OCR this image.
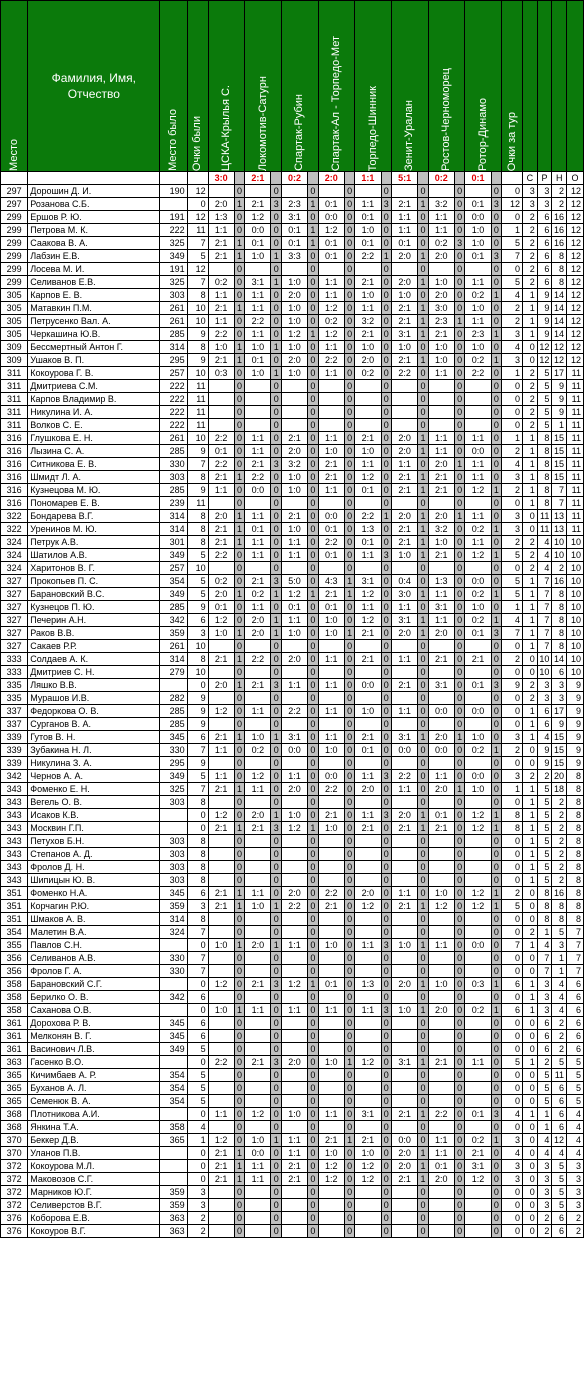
Место	Фамилия, Имя, Отчество	Место было	Очки были	ЦСКА-Крылья С.		Локомотив-Сатурн		Спартак-Рубин		Спартак-Ал - Торпедо-Мет		Торпедо-Шинник		Зенит-Уралан		Ростов-Черноморец		Ротор-Динамо		Очки за тур				

				3:0		2:1		0:2		2:0		1:1		5:1		0:2		0:1			С	Р	Н	О
297	Дорошин Д. И.	190	12		0		0		0		0		0		0		0		0	0	3	3	2	12
297	Розанова С.Б.		0	2:0	1	2:1	3	2:3	1	0:1	0	1:1	3	2:1	1	3:2	0	0:1	3	12	3	3	2	12
299	Ершов Р. Ю.	191	12	1:3	0	1:2	0	3:1	0	0:0	0	0:1	0	1:1	0	1:1	0	0:0	0	0	2	6	16	12
299	Петрова М. К.	222	11	1:1	0	0:0	0	0:1	1	1:2	0	1:0	0	1:1	0	1:1	0	1:0	0	1	2	6	16	12
299	Саакова В. А.	325	7	2:1	1	0:1	0	0:1	1	0:1	0	0:1	0	0:1	0	0:2	3	1:0	0	5	2	6	16	12
299	Лабзин Е.В.	349	5	2:1	1	1:0	1	3:3	0	0:1	0	2:2	1	2:0	1	2:0	0	0:1	3	7	2	6	8	12
299	Лосева М. И.	191	12		0		0		0		0		0		0		0		0	0	2	6	8	12
299	Селиванов Е.В.	325	7	0:2	0	3:1	1	1:0	0	1:1	0	2:1	0	2:0	1	1:0	0	1:1	0	5	2	6	8	12
305	Карпов Е. В.	303	8	1:1	0	1:1	0	2:0	0	1:1	0	1:0	0	1:0	0	2:0	0	0:2	1	4	1	9	14	12
305	Матавкин П.М.	261	10	2:1	1	1:1	0	1:0	0	1:2	0	1:1	0	2:1	1	3:0	0	1:0	0	2	1	9	14	12
305	Петрусенко Вал. А.	261	10	1:1	0	2:2	0	1:0	0	0:2	0	3:2	0	2:1	1	2:3	1	1:1	0	2	1	9	14	12
305	Черкашина Ю.В.	285	9	2:2	0	1:1	0	1:2	1	1:2	0	2:1	0	3:1	1	2:1	0	2:3	1	3	1	9	14	12
309	Бессмертный Антон Г.	314	8	1:0	1	1:0	1	1:0	0	1:1	0	1:0	0	1:0	0	1:0	0	1:0	0	4	0	12	12	12
309	Ушаков В. П.	295	9	2:1	1	0:1	0	2:0	0	2:2	0	2:0	0	2:1	1	1:0	0	0:2	1	3	0	12	12	12
311	Кокоурова Г. В.	257	10	0:3	0	1:0	1	1:0	0	1:1	0	0:2	0	2:2	0	1:1	0	2:2	0	1	2	5	17	11
311	Дмитриева С.М.	222	11		0		0		0		0		0		0		0		0	0	2	5	9	11
311	Карпов Владимир В.	222	11		0		0		0		0		0		0		0		0	0	2	5	9	11
311	Никулина И. А.	222	11		0		0		0		0		0		0		0		0	0	2	5	9	11
311	Волков С. Е.	222	11		0		0		0		0		0		0		0		0	0	2	5	1	11
316	Глушкова Е. Н.	261	10	2:2	0	1:1	0	2:1	0	1:1	0	2:1	0	2:0	1	1:1	0	1:1	0	1	1	8	15	11
316	Лызина С. А.	285	9	0:1	0	1:1	0	2:0	0	1:0	0	1:0	0	2:0	1	1:1	0	0:0	0	2	1	8	15	11
316	Ситникова Е. В.	330	7	2:2	0	2:1	3	3:2	0	2:1	0	1:1	0	1:1	0	2:0	1	1:1	0	4	1	8	15	11
316	Шмидт Л. А.	303	8	2:1	1	2:2	0	1:0	0	2:1	0	1:2	0	2:1	1	2:1	0	1:1	0	3	1	8	15	11
316	Кузнецова М. Ю.	285	9	1:1	0	0:0	0	1:0	0	1:1	0	0:1	0	2:1	1	2:1	0	1:2	1	2	1	8	7	11
316	Пономарев Е. В.	239	11		0		0		0		0		0		0		0		0	0	1	8	7	11
322	Бондарева В.Г.	314	8	2:0	1	1:1	0	2:1	0	0:0	0	2:2	1	2:0	1	2:0	1	1:1	0	3	0	11	13	11
322	Уренинов М. Ю.	314	8	2:1	1	0:1	0	1:0	0	0:1	0	1:3	0	2:1	1	3:2	0	0:2	1	3	0	11	13	11
324	Петрук А.В.	301	8	2:1	1	1:1	0	1:1	0	2:2	0	0:1	0	2:1	1	1:0	0	1:1	0	2	2	4	10	10
324	Шатилов А.В.	349	5	2:2	0	1:1	0	1:1	0	0:1	0	1:1	3	1:0	1	2:1	0	1:2	1	5	2	4	10	10
324	Харитонов В. Г.	257	10		0		0		0		0		0		0		0		0	0	2	4	2	10
327	Прокопьев П. С.	354	5	0:2	0	2:1	3	5:0	0	4:3	1	3:1	0	0:4	0	1:3	0	0:0	0	5	1	7	16	10
327	Барановский В.С.	349	5	2:0	1	0:2	1	1:2	1	2:1	1	1:2	0	3:0	1	1:1	0	0:2	1	5	1	7	8	10
327	Кузнецов П. Ю.	285	9	0:1	0	1:1	0	0:1	0	0:1	0	1:1	0	1:1	0	3:1	0	1:0	0	1	1	7	8	10
327	Печерин А.Н.	342	6	1:2	0	2:0	1	1:1	0	1:0	0	1:2	0	3:1	1	1:1	0	0:2	1	4	1	7	8	10
327	Раков В.В.	359	3	1:0	1	2:0	1	1:0	0	1:0	1	2:1	0	2:0	1	2:0	0	0:1	3	7	1	7	8	10
327	Сакаев Р.Р.	261	10		0		0		0		0		0		0		0		0	0	1	7	8	10
333	Солдаев А. К.	314	8	2:1	1	2:2	0	2:0	0	1:1	0	2:1	0	1:1	0	2:1	0	2:1	0	2	0	10	14	10
333	Дмитриев С. Н.	279	10		0		0		0		0		0		0		0		0	0	0	10	6	10
335	Ляшко В.В.		0	2:0	1	2:1	3	1:1	0	1:1	0	0:0	0	2:1	0	3:1	0	0:1	3	9	2	3	3	9
335	Мурашов И.В.	282	9		0		0		0		0		0		0		0		0	0	2	3	3	9
337	Федоркова О. В.	285	9	1:2	0	1:1	0	2:2	0	1:1	0	1:0	0	1:1	0	0:0	0	0:0	0	0	1	6	17	9
337	Сурганов В. А.	285	9		0		0		0		0		0		0		0		0	0	1	6	9	9
339	Гутов В. Н.	345	6	2:1	1	1:0	1	3:1	0	1:1	0	2:1	0	3:1	1	2:0	1	1:0	0	3	1	4	15	9
339	Зубакина Н. Л.	330	7	1:1	0	0:2	0	0:0	0	1:0	0	0:1	0	0:0	0	0:0	0	0:2	1	2	0	9	15	9
339	Никулина З. А.	295	9		0		0		0		0		0		0		0		0	0	0	9	15	9
342	Чернов А. А.	349	5	1:1	0	1:2	0	1:1	0	0:0	0	1:1	3	2:2	0	1:1	0	0:0	0	3	2	2	20	8
343	Фоменко Е. Н.	325	7	2:1	1	1:1	0	2:0	0	2:2	0	2:0	0	1:1	0	2:0	1	1:0	0	1	1	5	18	8
343	Вегель О. В.	303	8		0		0		0		0		0		0		0		0	0	1	5	2	8
343	Исаков К.В.		0	1:2	0	2:0	1	1:0	0	2:1	0	1:1	3	2:0	1	0:1	0	1:2	1	8	1	5	2	8
343	Москвин Г.П.		0	2:1	1	2:1	3	1:2	1	1:0	0	2:1	0	2:1	1	2:1	0	1:2	1	8	1	5	2	8
343	Петухов Б.Н.	303	8		0		0		0		0		0		0		0		0	0	1	5	2	8
343	Степанов А. Д.	303	8		0		0		0		0		0		0		0		0	0	1	5	2	8
343	Фролов Д. Н.	303	8		0		0		0		0		0		0		0		0	0	1	5	2	8
343	Шипицын Ю. В.	303	8		0		0		0		0		0		0		0		0	0	1	5	2	8
351	Фоменко Н.А.	345	6	2:1	1	1:1	0	2:0	0	2:2	0	2:0	0	1:1	0	1:0	0	1:2	1	2	0	8	16	8
351	Корчагин Р.Ю.	359	3	2:1	1	1:0	1	2:2	0	2:1	0	1:2	0	2:1	1	1:2	0	1:2	1	5	0	8	8	8
351	Шмаков А. В.	314	8		0		0		0		0		0		0		0		0	0	0	8	8	8
354	Малетин В.А.	324	7		0		0		0		0		0		0		0		0	0	2	1	5	7
355	Павлов С.Н.		0	1:0	1	2:0	1	1:1	0	1:0	0	1:1	3	1:0	1	1:1	0	0:0	0	7	1	4	3	7
356	Селиванов А.В.	330	7		0		0		0		0		0		0		0		0	0	0	7	1	7
356	Фролов Г. А.	330	7		0		0		0		0		0		0		0		0	0	0	7	1	7
358	Барановский С.Г.		0	1:2	0	2:1	3	1:2	1	0:1	0	1:3	0	2:0	1	1:0	0	0:3	1	6	1	3	4	6
358	Берилко О. В.	342	6		0		0		0		0		0		0		0		0	0	1	3	4	6
358	Саханова О.В.		0	1:0	1	1:1	0	1:1	0	1:1	0	1:1	3	1:0	1	2:0	0	0:2	1	6	1	3	4	6
361	Дорохова Р. В.	345	6		0		0		0		0		0		0		0		0	0	0	6	2	6
361	Мелконян В. Г.	345	6		0		0		0		0		0		0		0		0	0	0	6	2	6
361	Васинович Л.В.	349	5		0		0		0		0		0		0		0		0	0	0	6	2	6
363	Гасенко В.О.		0	2:2	0	2:1	3	2:0	0	1:0	1	1:2	0	3:1	1	2:1	0	1:1	0	5	1	2	5	5
365	Кичимбаев А. Р.	354	5		0		0		0		0		0		0		0		0	0	0	5	11	5
365	Буханов А. Л.	354	5		0		0		0		0		0		0		0		0	0	0	5	6	5
365	Семенюк В. А.	354	5		0		0		0		0		0		0		0		0	0	0	5	6	5
368	Плотникова А.И.		0	1:1	0	1:2	0	1:0	0	1:1	0	3:1	0	2:1	1	2:2	0	0:1	3	4	1	1	6	4
368	Янкина Т.А.	358	4		0		0		0		0		0		0		0		0	0	0	1	6	4
370	Беккер Д.В.	365	1	1:2	0	1:0	1	1:1	0	2:1	1	2:1	0	0:0	0	1:1	0	0:2	1	3	0	4	12	4
370	Уланов П.В.		0	2:1	1	0:0	0	1:1	0	1:0	0	1:0	0	2:0	1	1:1	0	2:1	0	4	0	4	4	4
372	Кокоурова М.Л.		0	2:1	1	1:1	0	2:1	0	1:2	0	1:2	0	2:0	1	0:1	0	3:1	0	3	0	3	5	3
372	Маковозов С.Г.		0	2:1	1	1:1	0	2:1	0	1:2	0	1:2	0	2:1	1	2:0	0	1:2	0	3	0	3	5	3
372	Марников Ю.Г.	359	3		0		0		0		0		0		0		0		0	0	0	3	5	3
372	Селиверстов В.Г.	359	3		0		0		0		0		0		0		0		0	0	0	3	5	3
376	Коборова Е.В.	363	2		0		0		0		0		0		0		0		0	0	0	2	6	2
376	Кокоуров В.Г.	363	2		0		0		0		0		0		0		0		0	0	0	2	6	2
